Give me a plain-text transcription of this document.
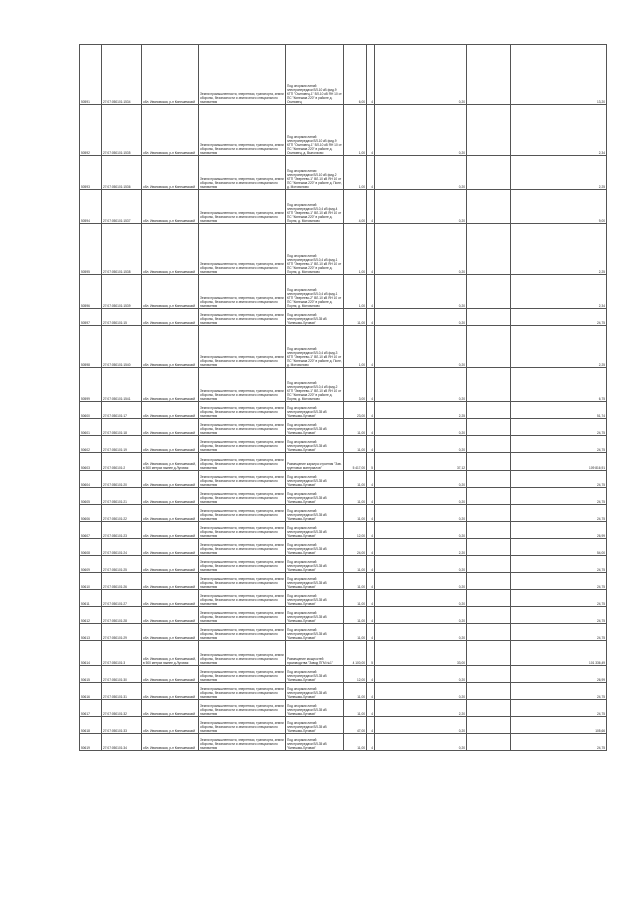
50591	27:07:050101:1534	обл. Ивановская, р-н Кинешемский	Земли промышленности, энергетики, транспорта, земли обороны, безопасности и земли иного специального назначения	Под опорами линий электропередачи ВЛ-10 кВ фид.9 КТП "Осиновец-1" ВЛ-10 кВ ЯН 10 от ПС "Кинешма 220" в районе д. Осиновец	6,00	4	0,20		13,20
50592	27:07:050101:1535	обл. Ивановская, р-н Кинешемский	Земли промышленности, энергетики, транспорта, земли обороны, безопасности и земли иного специального назначения	Под опорами линий электропередачи ВЛ-10 кВ фид.9 КТП "Осиновец-1" ВЛ-10 кВ ЯН 10 от ПС "Кинешма 220" в районе д. Осиновец, д. Выползово	1,00	4	0,20		2,34
50593	27:07:050101:1536	обл. Ивановская, р-н Кинешемский	Земли промышленности, энергетики, транспорта, земли обороны, безопасности и земли иного специального назначения	Под опорами линии электропередачи ВЛ-10 кВ фид.2 КТП "Звереево-1" ВЛ-10 кВ ЯН 10 от ПС "Кинешма 220" в районе д. Поле, д. Мотовилово	1,00	4	0,20		2,25
50594	27:07:050101:1537	обл. Ивановская, р-н Кинешемский	Земли промышленности, энергетики, транспорта, земли обороны, безопасности и земли иного специального назначения	Под опорами линий электропередачи ВЛ-0,4 кВ фид.4 КТП "Звереево-1" ВЛ-10 кВ ЯН 10 от ПС "Кинешма 220" в районе д. Порня, д. Мотовилово	4,00	4	0,20		9,00
50595	27:07:050101:1538	обл. Ивановская, р-н Кинешемский	Земли промышленности, энергетики, транспорта, земли обороны, безопасности и земли иного специального назначения	Под опорами линий электропередачи ВЛ-0,4 кВ фид.1 КТП "Звереево-1" ВЛ-10 кВ ЯН 10 от ПС "Кинешма 220" в районе д. Порня, д. Мотовилово	1,00	4	0,20		2,25
50596	27:07:050101:1539	обл. Ивановская, р-н Кинешемский	Земли промышленности, энергетики, транспорта, земли обороны, безопасности и земли иного специального назначения	Под опорами линий электропередачи ВЛ-0,4 кВ фид.1 КТП "Звереево-2" ВЛ-10 кВ ЯН 10 от ПС "Кинешма 220" в районе д. Порня, д. Мотовилово	1,00	4	0,20		2,34
50597	27:07:050101:15	обл. Ивановская, р-н Кинешемский	Земли промышленности, энергетики, транспорта, земли обороны, безопасности и земли иного специального назначения	Под опорами линий электропередачи ВЛ-35 кВ "Кинешма-Луговая"	11,00	4	0,20		24,75
50598	27:07:050101:1540	обл. Ивановская, р-н Кинешемский	Земли промышленности, энергетики, транспорта, земли обороны, безопасности и земли иного специального назначения	Под опорами линий электропередачи ВЛ-0,4 кВ фид.3 КТП "Звереево-1" ВЛ-10 кВ ЯН 10 от ПС "Кинешма 220" в районе д. Поле, д. Мотовилово	1,00	4	0,20		2,25
50599	27:07:050101:1541	обл. Ивановская, р-н Кинешемский	Земли промышленности, энергетики, транспорта, земли обороны, безопасности и земли иного специального назначения	Под опорами линий электропередачи ВЛ-0,4 кВ фид.2 КТП "Звереево-1" ВЛ-10 кВ ЯН 10 от ПС "Кинешма 220" в районе д. Порня, д. Мотовилово	3,00	4	0,20		6,75
50600	27:07:050101:17	обл. Ивановская, р-н Кинешемский	Земли промышленности, энергетики, транспорта, земли обороны, безопасности и земли иного специального назначения	Под опорами линий электропередачи ВЛ-35 кВ "Кинешма-Луговая"	23,00	4	2,25		51,74
50601	27:07:050101:18	обл. Ивановская, р-н Кинешемский	Земли промышленности, энергетики, транспорта, земли обороны, безопасности и земли иного специального назначения	Под опорами линий электропередачи ВЛ-35 кВ "Кинешма-Луговая"	11,00	4	0,20		24,75
50602	27:07:050101:19	обл. Ивановская, р-н Кинешемский	Земли промышленности, энергетики, транспорта, земли обороны, безопасности и земли иного специального назначения	Под опорами линий электропередачи ВЛ-35 кВ "Кинешма-Луговая"	11,00	4	0,20		24,75
50603	27:07:050101:2	обл. Ивановская, р-н Кинешемский, в 500 метрах южнее д.Луговая	Земли промышленности, энергетики, транспорта, земли обороны, безопасности и земли иного специального назначения	Размещение карьера строения "Зав. грунтовых материалов"	5 417,00	5	37,12		109 816,91
50604	27:07:050101:20	обл. Ивановская, р-н Кинешемский	Земли промышленности, энергетики, транспорта, земли обороны, безопасности и земли иного специального назначения	Под опорами линий электропередачи ВЛ-35 кВ "Кинешма-Луговая"	11,00	4	0,20		24,75
50605	27:07:050101:21	обл. Ивановская, р-н Кинешемский	Земли промышленности, энергетики, транспорта, земли обороны, безопасности и земли иного специального назначения	Под опорами линий электропередачи ВЛ-35 кВ "Кинешма-Луговая"	11,00	4	0,20		24,75
50606	27:07:050101:22	обл. Ивановская, р-н Кинешемский	Земли промышленности, энергетики, транспорта, земли обороны, безопасности и земли иного специального назначения	Под опорами линий электропередачи ВЛ-35 кВ "Кинешма-Луговая"	11,00	4	0,20		24,75
50607	27:07:050101:23	обл. Ивановская, р-н Кинешемский	Земли промышленности, энергетики, транспорта, земли обороны, безопасности и земли иного специального назначения	Под опорами линий электропередачи ВЛ-35 кВ "Кинешма-Луговая"	12,00	4	0,20		26,99
50608	27:07:050101:24	обл. Ивановская, р-н Кинешемский	Земли промышленности, энергетики, транспорта, земли обороны, безопасности и земли иного специального назначения	Под опорами линий электропередачи ВЛ-35 кВ "Кинешма-Луговая"	24,00	4	2,20		54,00
50609	27:07:050101:25	обл. Ивановская, р-н Кинешемский	Земли промышленности, энергетики, транспорта, земли обороны, безопасности и земли иного специального назначения	Под опорами линий электропередачи ВЛ-35 кВ "Кинешма-Луговая"	11,00	4	0,20		24,75
50610	27:07:050101:26	обл. Ивановская, р-н Кинешемский	Земли промышленности, энергетики, транспорта, земли обороны, безопасности и земли иного специального назначения	Под опорами линий электропередачи ВЛ-35 кВ "Кинешма-Луговая"	11,00	4	0,20		24,75
50611	27:07:050101:27	обл. Ивановская, р-н Кинешемский	Земли промышленности, энергетики, транспорта, земли обороны, безопасности и земли иного специального назначения	Под опорами линий электропередачи ВЛ-35 кВ "Кинешма-Луговая"	11,00	4	0,20		24,75
50612	27:07:050101:28	обл. Ивановская, р-н Кинешемский	Земли промышленности, энергетики, транспорта, земли обороны, безопасности и земли иного специального назначения	Под опорами линий электропередачи ВЛ-35 кВ "Кинешма-Луговая"	11,00	4	0,20		24,75
50613	27:07:050101:29	обл. Ивановская, р-н Кинешемский	Земли промышленности, энергетики, транспорта, земли обороны, безопасности и земли иного специального назначения	Под опорами линий электропередачи ВЛ-35 кВ "Кинешма-Луговая"	11,00	4	0,20		24,75
50614	27:07:050101:3	обл. Ивановская, р-н Кинешемский, в 500 метрах южнее д.Луговая	Земли промышленности, энергетики, транспорта, земли обороны, безопасности и земли иного специального назначения	Размещение мощностей производства "Завод ПГМ №1"	4 100,00	5	33,00		101 336,49
50615	27:07:050101:30	обл. Ивановская, р-н Кинешемский	Земли промышленности, энергетики, транспорта, земли обороны, безопасности и земли иного специального назначения	Под опорами линий электропередачи ВЛ-35 кВ "Кинешма-Луговая"	12,00	4	0,20		26,99
50616	27:07:050101:31	обл. Ивановская, р-н Кинешемский	Земли промышленности, энергетики, транспорта, земли обороны, безопасности и земли иного специального назначения	Под опорами линий электропередачи ВЛ-35 кВ "Кинешма-Луговая"	11,00	4	0,20		24,75
50617	27:07:050101:32	обл. Ивановская, р-н Кинешемский	Земли промышленности, энергетики, транспорта, земли обороны, безопасности и земли иного специального назначения	Под опорами линий электропередачи ВЛ-35 кВ "Кинешма-Луговая"	11,00	4	2,20		24,75
50618	27:07:050101:33	обл. Ивановская, р-н Кинешемский	Земли промышленности, энергетики, транспорта, земли обороны, безопасности и земли иного специального назначения	Под опорами линий электропередачи ВЛ-35 кВ "Кинешма-Луговая"	47,00	4	0,20		105,66
50619	27:07:050101:34	обл. Ивановская, р-н Кинешемский	Земли промышленности, энергетики, транспорта, земли обороны, безопасности и земли иного специального назначения	Под опорами линий электропередачи ВЛ-35 кВ "Кинешма-Луговая"	11,00	4	0,20		24,75
